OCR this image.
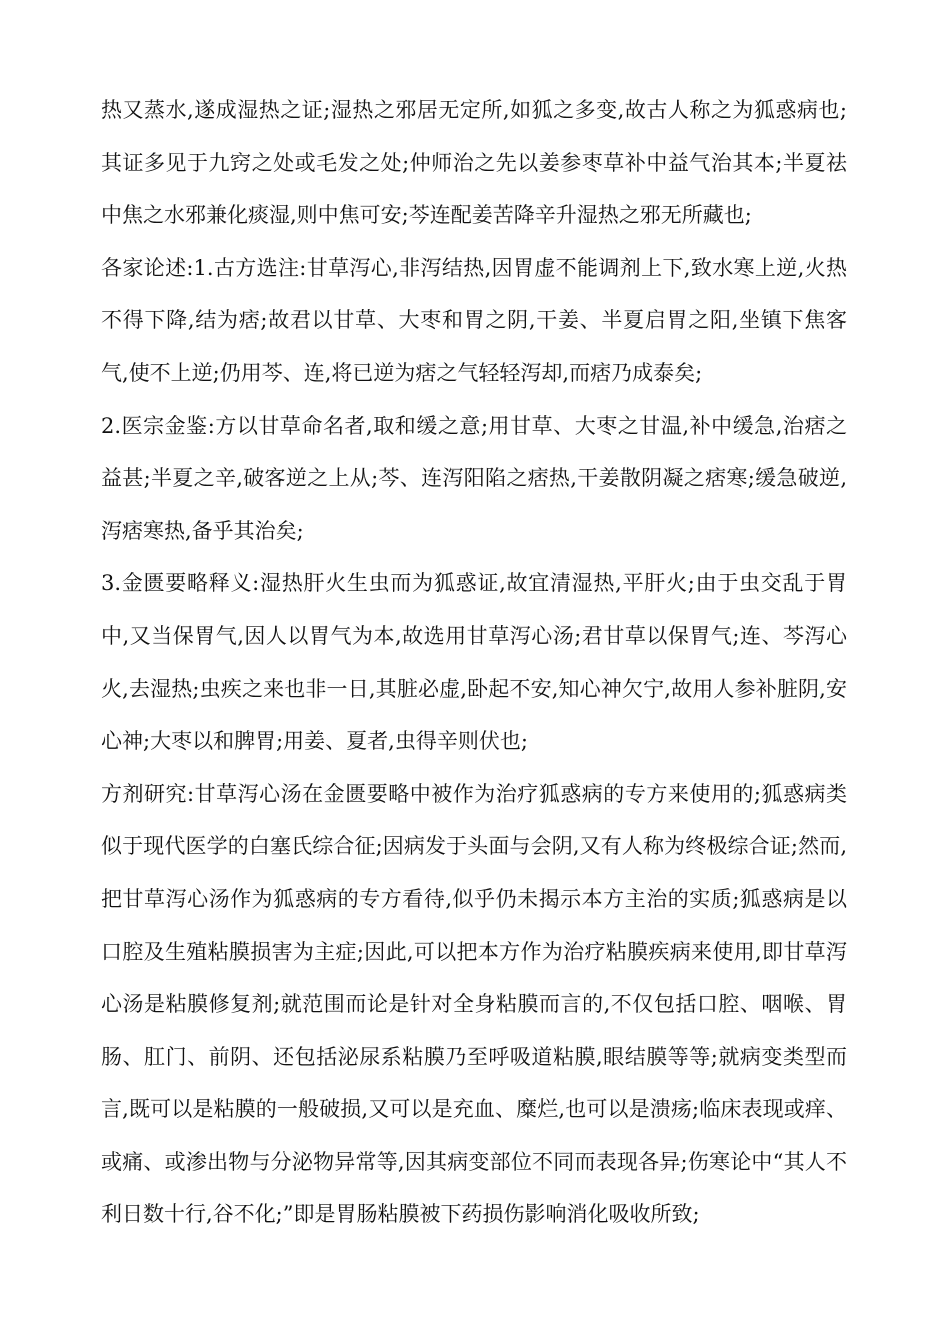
热又蒸水,遂成湿热之证;湿热之邪居无定所,如狐之多变,故古人称之为狐惑病也;其证多见于九窍之处或毛发之处;仲师治之先以姜参枣草补中益气治其本;半夏祛中焦之水邪兼化痰湿,则中焦可安;芩连配姜苦降辛升湿热之邪无所藏也;

各家论述:1.古方选注:甘草泻心,非泻结热,因胃虚不能调剂上下,致水寒上逆,火热不得下降,结为痞;故君以甘草、大枣和胃之阴,干姜、半夏启胃之阳,坐镇下焦客气,使不上逆;仍用芩、连,将已逆为痞之气轻轻泻却,而痞乃成泰矣;

2.医宗金鉴:方以甘草命名者,取和缓之意;用甘草、大枣之甘温,补中缓急,治痞之益甚;半夏之辛,破客逆之上从;芩、连泻阳陷之痞热,干姜散阴凝之痞寒;缓急破逆,泻痞寒热,备乎其治矣;

3.金匮要略释义:湿热肝火生虫而为狐惑证,故宜清湿热,平肝火;由于虫交乱于胃中,又当保胃气,因人以胃气为本,故选用甘草泻心汤;君甘草以保胃气;连、芩泻心火,去湿热;虫疾之来也非一日,其脏必虚,卧起不安,知心神欠宁,故用人参补脏阴,安心神;大枣以和脾胃;用姜、夏者,虫得辛则伏也;

方剂研究:甘草泻心汤在金匮要略中被作为治疗狐惑病的专方来使用的;狐惑病类似于现代医学的白塞氏综合征;因病发于头面与会阴,又有人称为终极综合证;然而,把甘草泻心汤作为狐惑病的专方看待,似乎仍未揭示本方主治的实质;狐惑病是以口腔及生殖粘膜损害为主症;因此,可以把本方作为治疗粘膜疾病来使用,即甘草泻心汤是粘膜修复剂;就范围而论是针对全身粘膜而言的,不仅包括口腔、咽喉、胃肠、肛门、前阴、还包括泌尿系粘膜乃至呼吸道粘膜,眼结膜等等;就病变类型而言,既可以是粘膜的一般破损,又可以是充血、糜烂,也可以是溃疡;临床表现或痒、或痛、或渗出物与分泌物异常等,因其病变部位不同而表现各异;伤寒论中“其人不利日数十行,谷不化;”即是胃肠粘膜被下药损伤影响消化吸收所致;
